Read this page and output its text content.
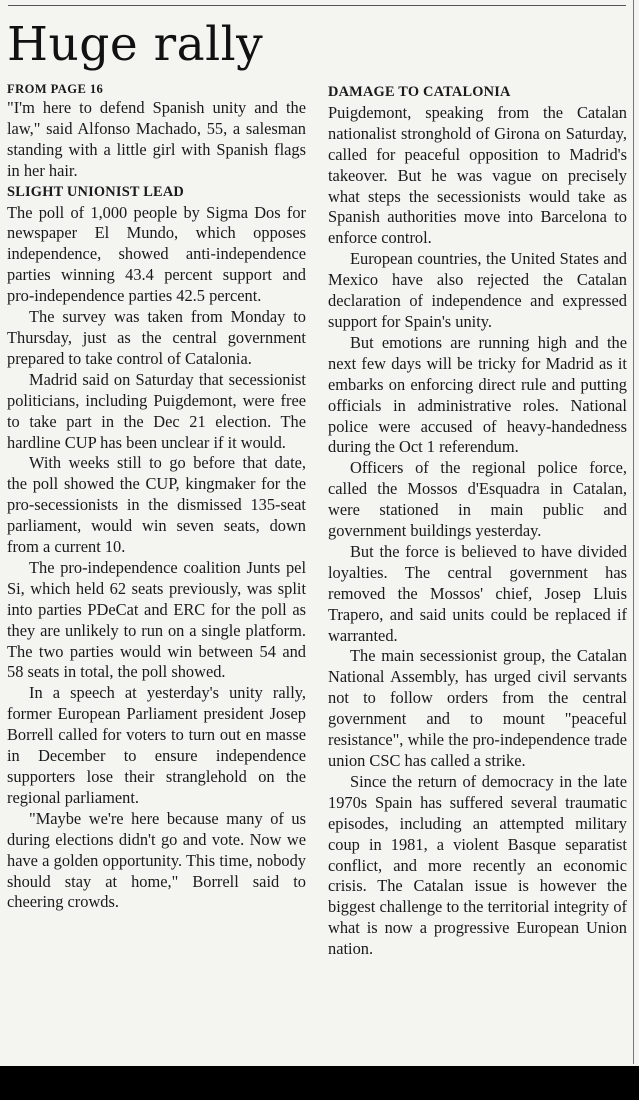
Huge rally
FROM PAGE 16

"I'm here to defend Spanish unity and the law," said Alfonso Machado, 55, a salesman standing with a little girl with Spanish flags in her hair.

SLIGHT UNIONIST LEAD

The poll of 1,000 people by Sigma Dos for newspaper El Mundo, which opposes independence, showed anti-independence parties winning 43.4 percent support and pro-independence parties 42.5 percent.

The survey was taken from Monday to Thursday, just as the central government prepared to take control of Catalonia.

Madrid said on Saturday that secessionist politicians, including Puigdemont, were free to take part in the Dec 21 election. The hardline CUP has been unclear if it would.

With weeks still to go before that date, the poll showed the CUP, kingmaker for the pro-secessionists in the dismissed 135-seat parliament, would win seven seats, down from a current 10.

The pro-independence coalition Junts pel Si, which held 62 seats previously, was split into parties PDeCat and ERC for the poll as they are unlikely to run on a single platform. The two parties would win between 54 and 58 seats in total, the poll showed.

In a speech at yesterday's unity rally, former European Parliament president Josep Borrell called for voters to turn out en masse in December to ensure independence supporters lose their stranglehold on the regional parliament.

"Maybe we're here because many of us during elections didn't go and vote. Now we have a golden opportunity. This time, nobody should stay at home," Borrell said to cheering crowds.

DAMAGE TO CATALONIA

Puigdemont, speaking from the Catalan nationalist stronghold of Girona on Saturday, called for peaceful opposition to Madrid's takeover. But he was vague on precisely what steps the secessionists would take as Spanish authorities move into Barcelona to enforce control.

European countries, the United States and Mexico have also rejected the Catalan declaration of independence and expressed support for Spain's unity.

But emotions are running high and the next few days will be tricky for Madrid as it embarks on enforcing direct rule and putting officials in administrative roles. National police were accused of heavy-handedness during the Oct 1 referendum.

Officers of the regional police force, called the Mossos d'Esquadra in Catalan, were stationed in main public and government buildings yesterday.

But the force is believed to have divided loyalties. The central government has removed the Mossos' chief, Josep Lluis Trapero, and said units could be replaced if warranted.

The main secessionist group, the Catalan National Assembly, has urged civil servants not to follow orders from the central government and to mount "peaceful resistance", while the pro-independence trade union CSC has called a strike.

Since the return of democracy in the late 1970s Spain has suffered several traumatic episodes, including an attempted military coup in 1981, a violent Basque separatist conflict, and more recently an economic crisis. The Catalan issue is however the biggest challenge to the territorial integrity of what is now a progressive European Union nation.
